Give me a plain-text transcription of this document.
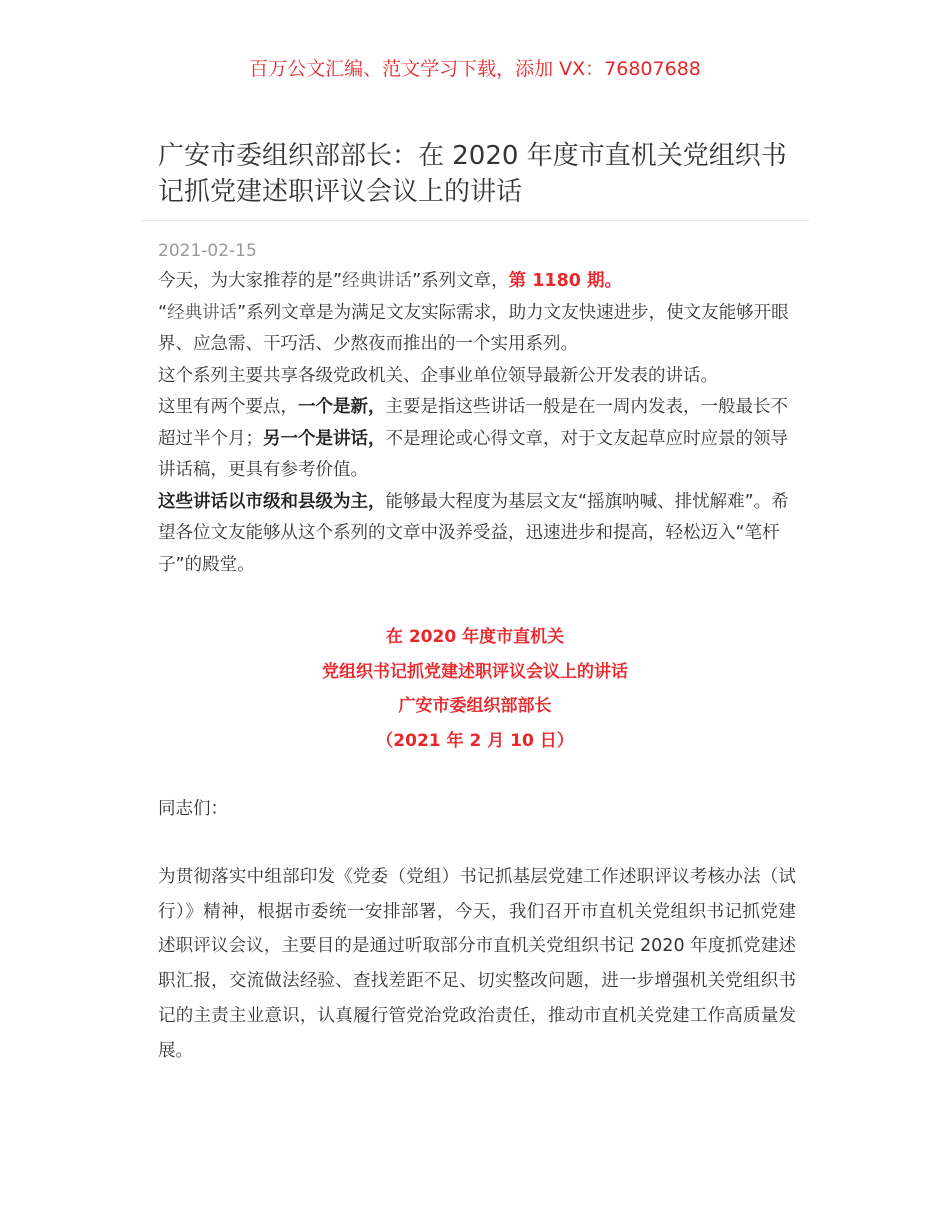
百万公文汇编、范文学习下载，添加 VX：76807688
广安市委组织部部长：在 2020 年度市直机关党组织书记抓党建述职评议会议上的讲话
2021-02-15

今天，为大家推荐的是”经典讲话”系列文章，第 1180 期。

“经典讲话”系列文章是为满足文友实际需求，助力文友快速进步，使文友能够开眼界、应急需、干巧活、少熬夜而推出的一个实用系列。

这个系列主要共享各级党政机关、企事业单位领导最新公开发表的讲话。

这里有两个要点，一个是新，主要是指这些讲话一般是在一周内发表，一般最长不超过半个月；另一个是讲话，不是理论或心得文章，对于文友起草应时应景的领导讲话稿，更具有参考价值。

这些讲话以市级和县级为主，能够最大程度为基层文友“摇旗呐喊、排忧解难”。希望各位文友能够从这个系列的文章中汲养受益，迅速进步和提高，轻松迈入“笔杆子”的殿堂。

在 2020 年度市直机关
党组织书记抓党建述职评议会议上的讲话
广安市委组织部部长
（2021 年 2 月 10 日）
同志们：

为贯彻落实中组部印发《党委（党组）书记抓基层党建工作述职评议考核办法（试行）》精神，根据市委统一安排部署，今天，我们召开市直机关党组织书记抓党建述职评议会议，主要目的是通过听取部分市直机关党组织书记 2020 年度抓党建述职汇报，交流做法经验、查找差距不足、切实整改问题，进一步增强机关党组织书记的主责主业意识，认真履行管党治党政治责任，推动市直机关党建工作高质量发展。
